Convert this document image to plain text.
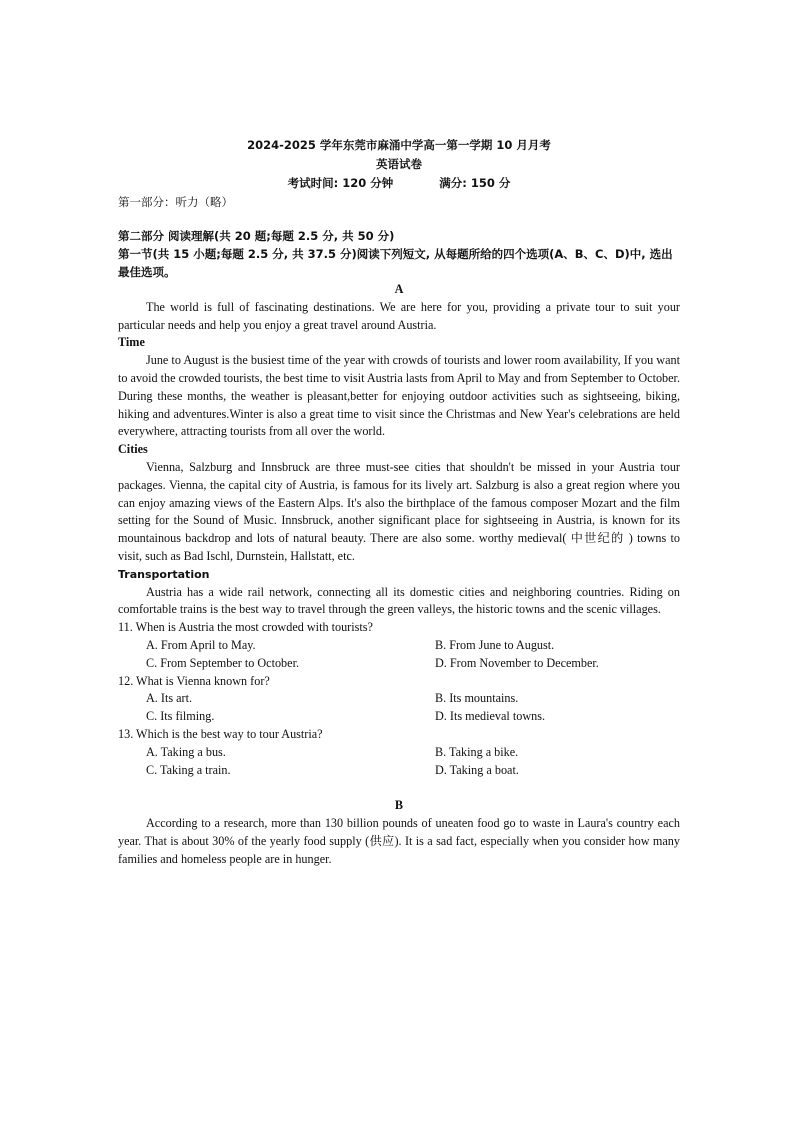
2024-2025 学年东莞市麻涌中学高一第一学期 10 月月考
英语试卷
考试时间: 120 分钟	满分: 150 分
第一部分：听力（略）
第二部分 阅读理解(共 20 题;每题 2.5 分, 共 50 分)
第一节(共 15 小题;每题 2.5 分, 共 37.5 分)阅读下列短文, 从每题所给的四个选项(A、B、C、D)中, 选出最佳选项。
A

The world is full of fascinating destinations. We are here for you, providing a private tour to suit your particular needs and help you enjoy a great travel around Austria.

Time

June to August is the busiest time of the year with crowds of tourists and lower room availability, If you want to avoid the crowded tourists, the best time to visit Austria lasts from April to May and from September to October. During these months, the weather is pleasant,better for enjoying outdoor activities such as sightseeing, biking, hiking and adventures.Winter is also a great time to visit since the Christmas and New Year's celebrations are held everywhere, attracting tourists from all over the world.

Cities

Vienna, Salzburg and Innsbruck are three must-see cities that shouldn't be missed in your Austria tour packages. Vienna, the capital city of Austria, is famous for its lively art. Salzburg is also a great region where you can enjoy amazing views of the Eastern Alps. It's also the birthplace of the famous composer Mozart and the film setting for the Sound of Music. Innsbruck, another significant place for sightseeing in Austria, is known for its mountainous backdrop and lots of natural beauty. There are also some. worthy medieval( 中世纪的 ) towns to visit, such as Bad Ischl, Durnstein, Hallstatt, etc.

Transportation

Austria has a wide rail network, connecting all its domestic cities and neighboring countries. Riding on comfortable trains is the best way to travel through the green valleys, the historic towns and the scenic villages.

11. When is Austria the most crowded with tourists?
A. From April to May.	B. From June to August.
C. From September to October.	D. From November to December.
12. What is Vienna known for?
A. Its art.	B. Its mountains.
C. Its filming.	D. Its medieval towns.
13. Which is the best way to tour Austria?
A. Taking a bus.	B. Taking a bike.
C. Taking a train.	D. Taking a boat.
B

According to a research, more than 130 billion pounds of uneaten food go to waste in Laura's country each year. That is about 30% of the yearly food supply (供应). It is a sad fact, especially when you consider how many families and homeless people are in hunger.
